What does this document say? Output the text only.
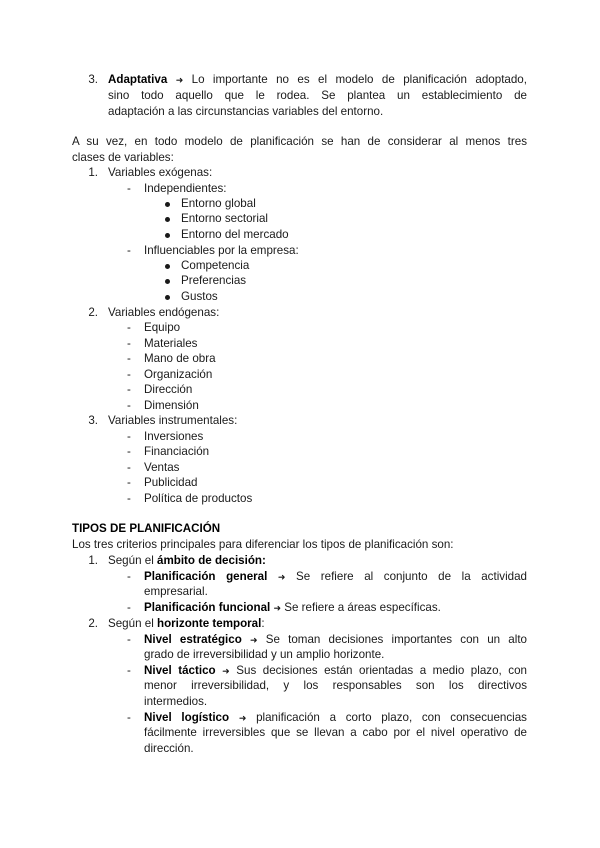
3. Adaptativa ➜ Lo importante no es el modelo de planificación adoptado,
sino todo aquello que le rodea. Se plantea un establecimiento de
adaptación a las circunstancias variables del entorno.
A su vez, en todo modelo de planificación se han de considerar al menos tres
clases de variables:
1. Variables exógenas:
- Independientes:
Entorno global
Entorno sectorial
Entorno del mercado
- Influenciables por la empresa:
Competencia
Preferencias
Gustos
2. Variables endógenas:
- Equipo
- Materiales
- Mano de obra
- Organización
- Dirección
- Dimensión
3. Variables instrumentales:
- Inversiones
- Financiación
- Ventas
- Publicidad
- Política de productos
TIPOS DE PLANIFICACIÓN
Los tres criterios principales para diferenciar los tipos de planificación son:
1. Según el ámbito de decisión:
- Planificación general ➜ Se refiere al conjunto de la actividad
empresarial.
- Planificación funcional ➜ Se refiere a áreas específicas.
2. Según el horizonte temporal:
- Nivel estratégico ➜ Se toman decisiones importantes con un alto
grado de irreversibilidad y un amplio horizonte.
- Nivel táctico ➜ Sus decisiones están orientadas a medio plazo, con
menor irreversibilidad, y los responsables son los directivos
intermedios.
- Nivel logístico ➜ planificación a corto plazo, con consecuencias
fácilmente irreversibles que se llevan a cabo por el nivel operativo de
dirección.
